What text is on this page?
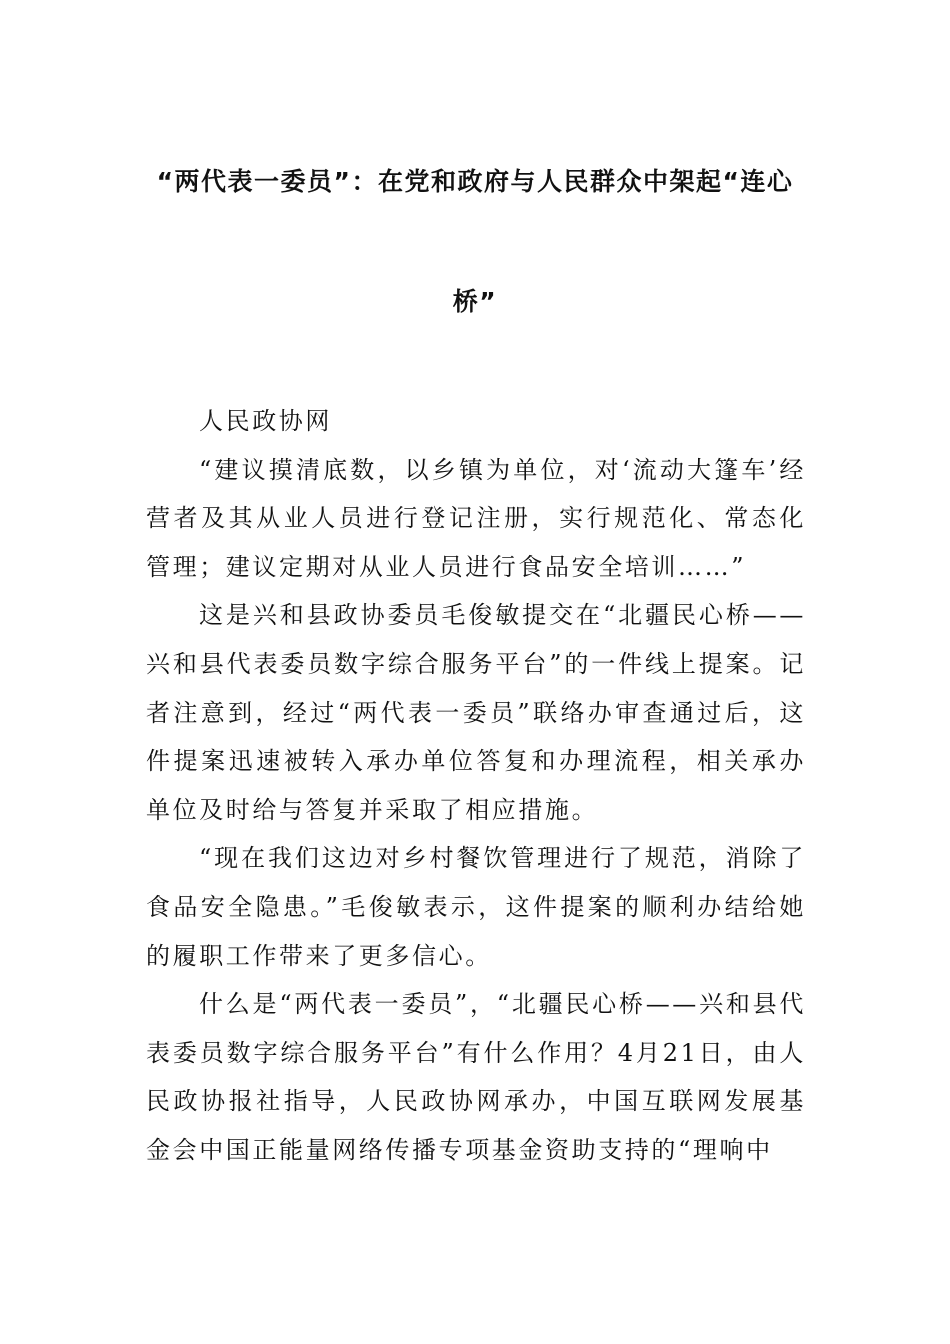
“两代表一委员”：在党和政府与人民群众中架起“连心
桥”

人民政协网

“建议摸清底数，以乡镇为单位，对‘流动大篷车’经营者及其从业人员进行登记注册，实行规范化、常态化管理；建议定期对从业人员进行食品安全培训……”

这是兴和县政协委员毛俊敏提交在“北疆民心桥——兴和县代表委员数字综合服务平台”的一件线上提案。记者注意到，经过“两代表一委员”联络办审查通过后，这件提案迅速被转入承办单位答复和办理流程，相关承办单位及时给与答复并采取了相应措施。

“现在我们这边对乡村餐饮管理进行了规范，消除了食品安全隐患。”毛俊敏表示，这件提案的顺利办结给她的履职工作带来了更多信心。

什么是“两代表一委员”，“北疆民心桥——兴和县代表委员数字综合服务平台”有什么作用？4月21日，由人民政协报社指导，人民政协网承办，中国互联网发展基金会中国正能量网络传播专项基金资助支持的“理响中
